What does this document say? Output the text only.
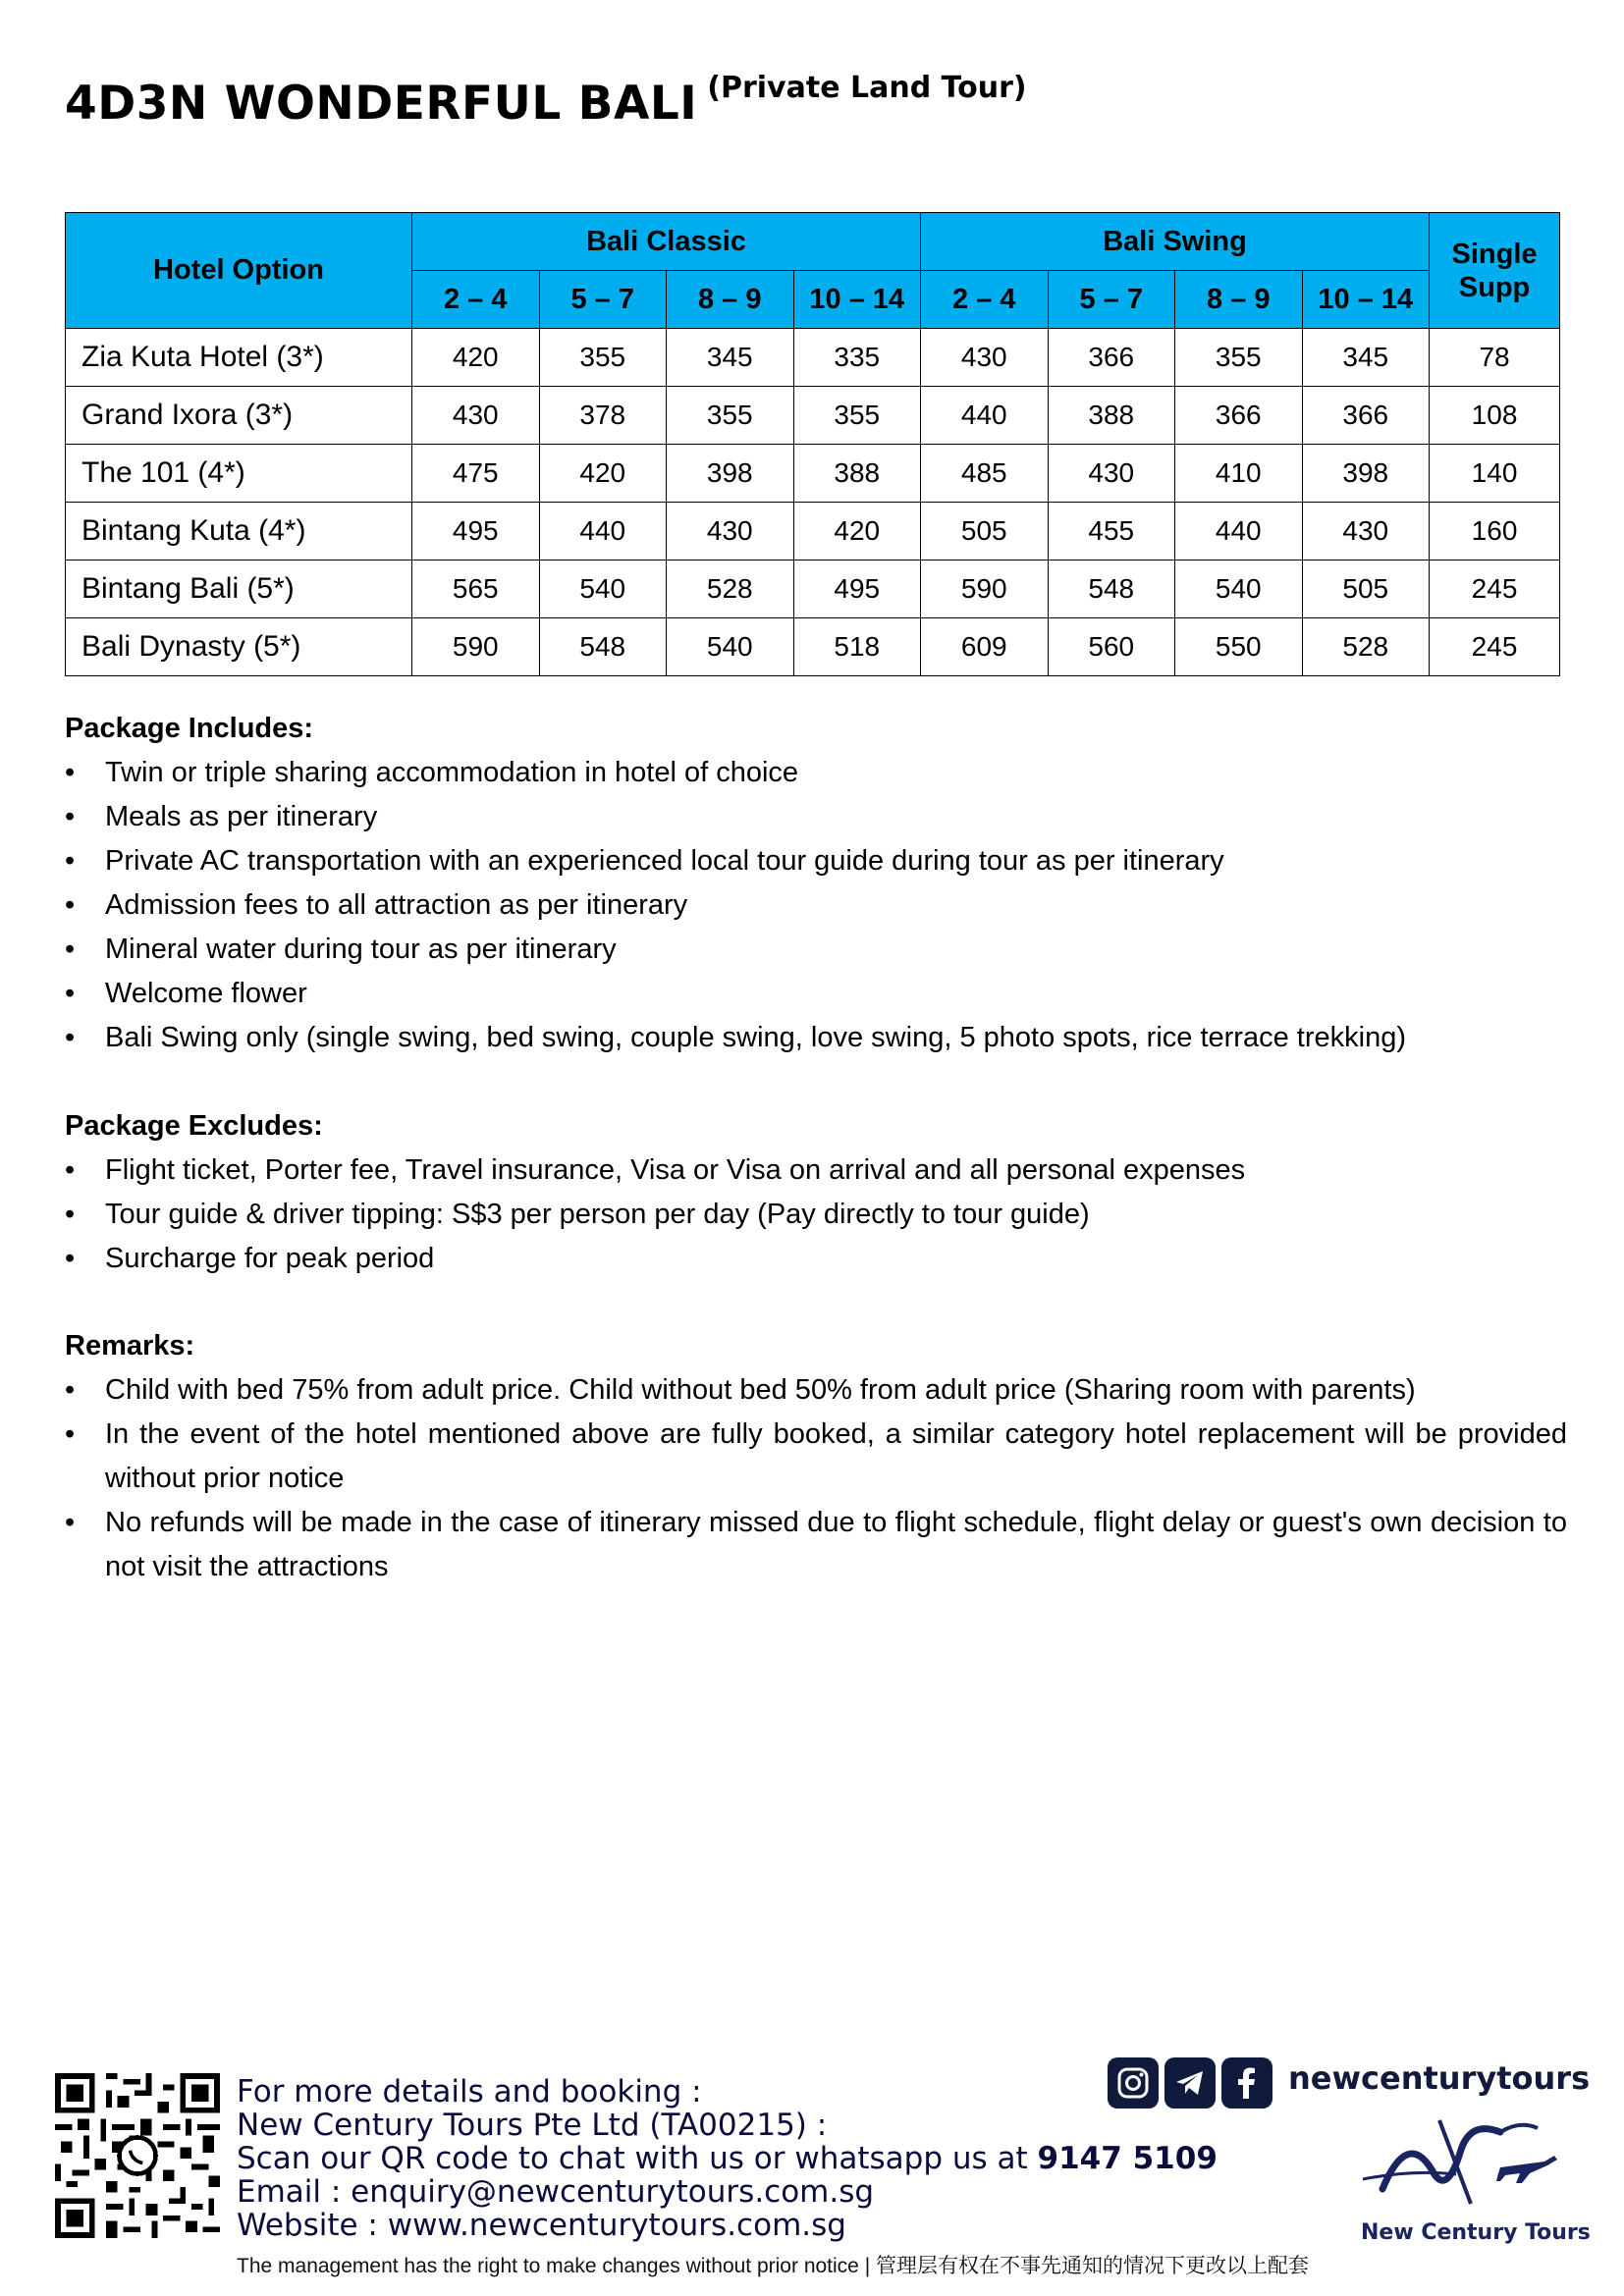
4D3N WONDERFUL BALI (Private Land Tour)
Hotel Option	Bali Classic				Bali Swing				Single Supp
	2 – 4	5 – 7	8 – 9	10 – 14	2 – 4	5 – 7	8 – 9	10 – 14	
Zia Kuta Hotel (3*)	420	355	345	335	430	366	355	345	78
Grand Ixora (3*)	430	378	355	355	440	388	366	366	108
The 101 (4*)	475	420	398	388	485	430	410	398	140
Bintang Kuta (4*)	495	440	430	420	505	455	440	430	160
Bintang Bali (5*)	565	540	528	495	590	548	540	505	245
Bali Dynasty (5*)	590	548	540	518	609	560	550	528	245
Package Includes:
•	Twin or triple sharing accommodation in hotel of choice
•	Meals as per itinerary
•	Private AC transportation with an experienced local tour guide during tour as per itinerary
•	Admission fees to all attraction as per itinerary
•	Mineral water during tour as per itinerary
•	Welcome flower
•	Bali Swing only (single swing, bed swing, couple swing, love swing, 5 photo spots, rice terrace trekking)
Package Excludes:
•	Flight ticket, Porter fee, Travel insurance, Visa or Visa on arrival and all personal expenses
•	Tour guide & driver tipping: S$3 per person per day (Pay directly to tour guide)
•	Surcharge for peak period
Remarks:
•	Child with bed 75% from adult price. Child without bed 50% from adult price (Sharing room with parents)
•	In the event of the hotel mentioned above are fully booked, a similar category hotel replacement will be provided without prior notice
•	No refunds will be made in the case of itinerary missed due to flight schedule, flight delay or guest's own decision to not visit the attractions
For more details and booking :
New Century Tours Pte Ltd (TA00215) :
Scan our QR code to chat with us or whatsapp us at 9147 5109
Email : enquiry@newcenturytours.com.sg
Website : www.newcenturytours.com.sg
The management has the right to make changes without prior notice | 管理层有权在不事先通知的情况下更改以上配套
newcenturytours
New Century Tours
